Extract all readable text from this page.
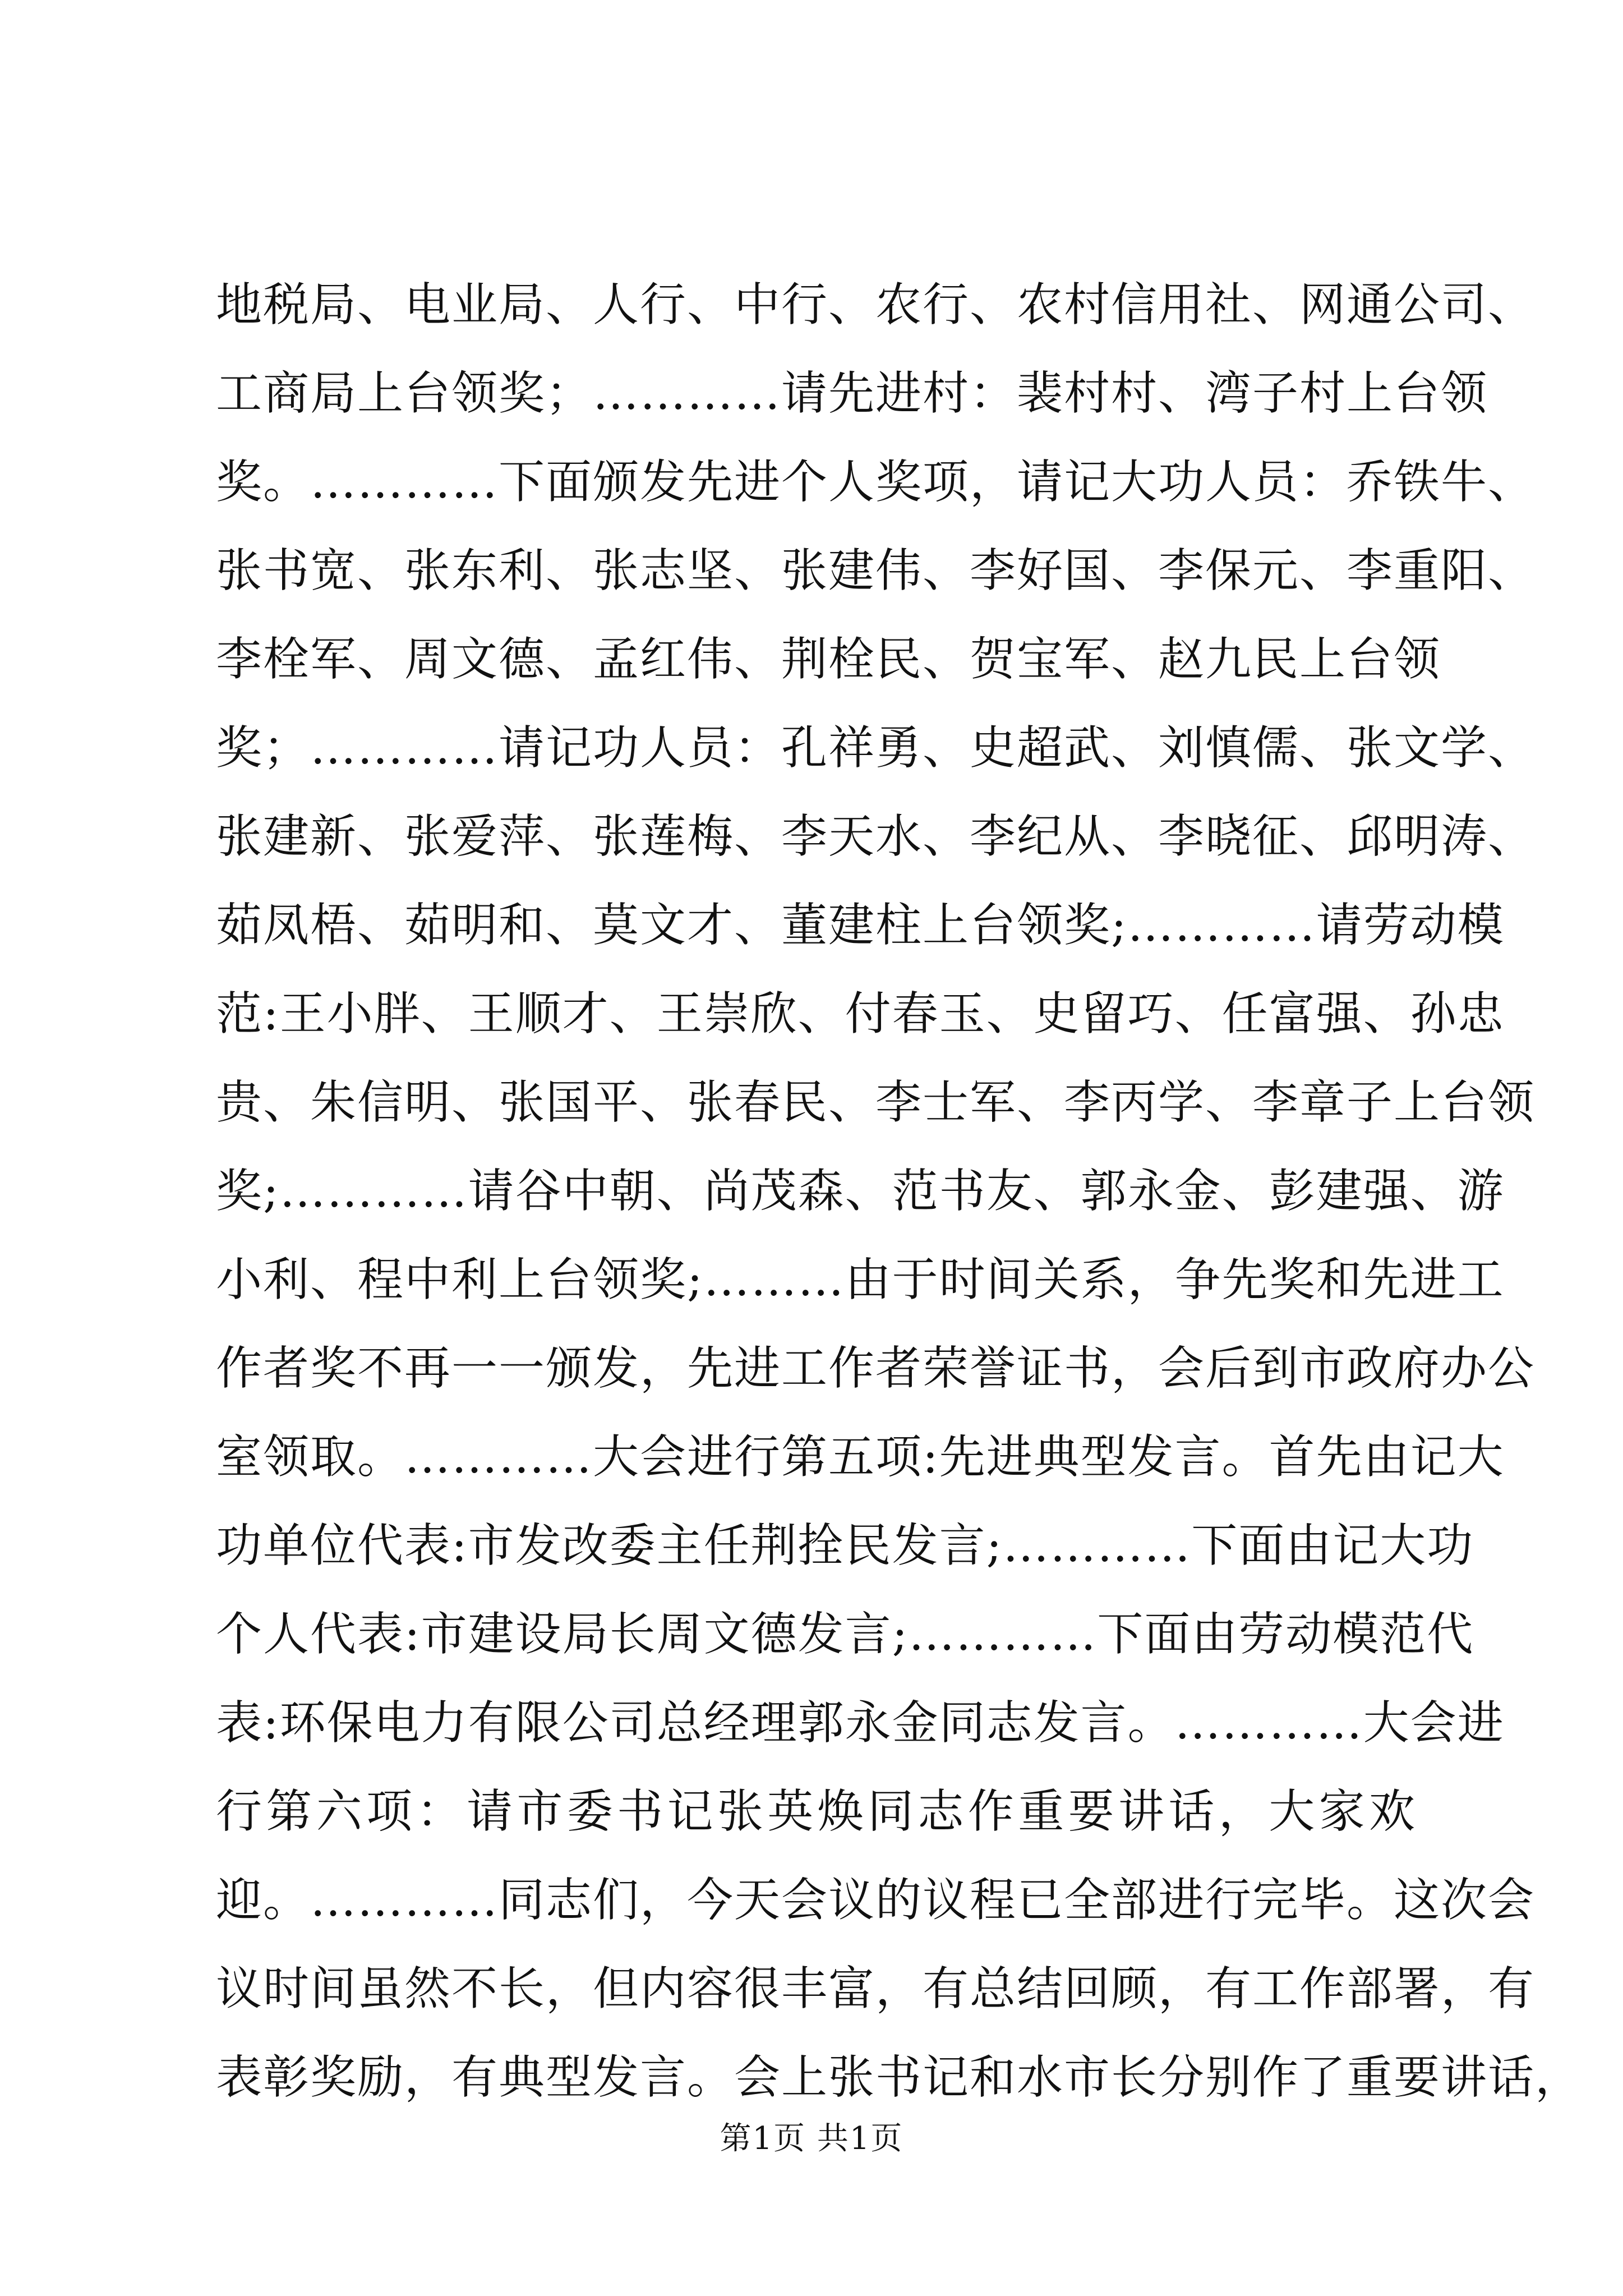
地税局、电业局、人行、中行、农行、农村信用社、网通公司、
工商局上台领奖；…………请先进村：裴村村、湾子村上台领
奖。…………下面颁发先进个人奖项，请记大功人员：乔铁牛、
张书宽、张东利、张志坚、张建伟、李好国、李保元、李重阳、
李栓军、周文德、孟红伟、荆栓民、贺宝军、赵九民上台领
奖；…………请记功人员：孔祥勇、史超武、刘慎儒、张文学、
张建新、张爱萍、张莲梅、李天水、李纪从、李晓征、邱明涛、
茹凤梧、茹明和、莫文才、董建柱上台领奖;…………请劳动模
范:王小胖、王顺才、王崇欣、付春玉、史留巧、任富强、孙忠
贵、朱信明、张国平、张春民、李士军、李丙学、李章子上台领
奖;…………请谷中朝、尚茂森、范书友、郭永金、彭建强、游
小利、程中利上台领奖;………由于时间关系，争先奖和先进工
作者奖不再一一颁发，先进工作者荣誉证书，会后到市政府办公
室领取。…………大会进行第五项:先进典型发言。首先由记大
功单位代表:市发改委主任荆拴民发言;…………下面由记大功
个人代表:市建设局长周文德发言;…………下面由劳动模范代
表:环保电力有限公司总经理郭永金同志发言。…………大会进
行第六项：请市委书记张英焕同志作重要讲话，大家欢
迎。…………同志们，今天会议的议程已全部进行完毕。这次会
议时间虽然不长，但内容很丰富，有总结回顾，有工作部署，有
表彰奖励，有典型发言。会上张书记和水市长分别作了重要讲话，
第1页 共1页
